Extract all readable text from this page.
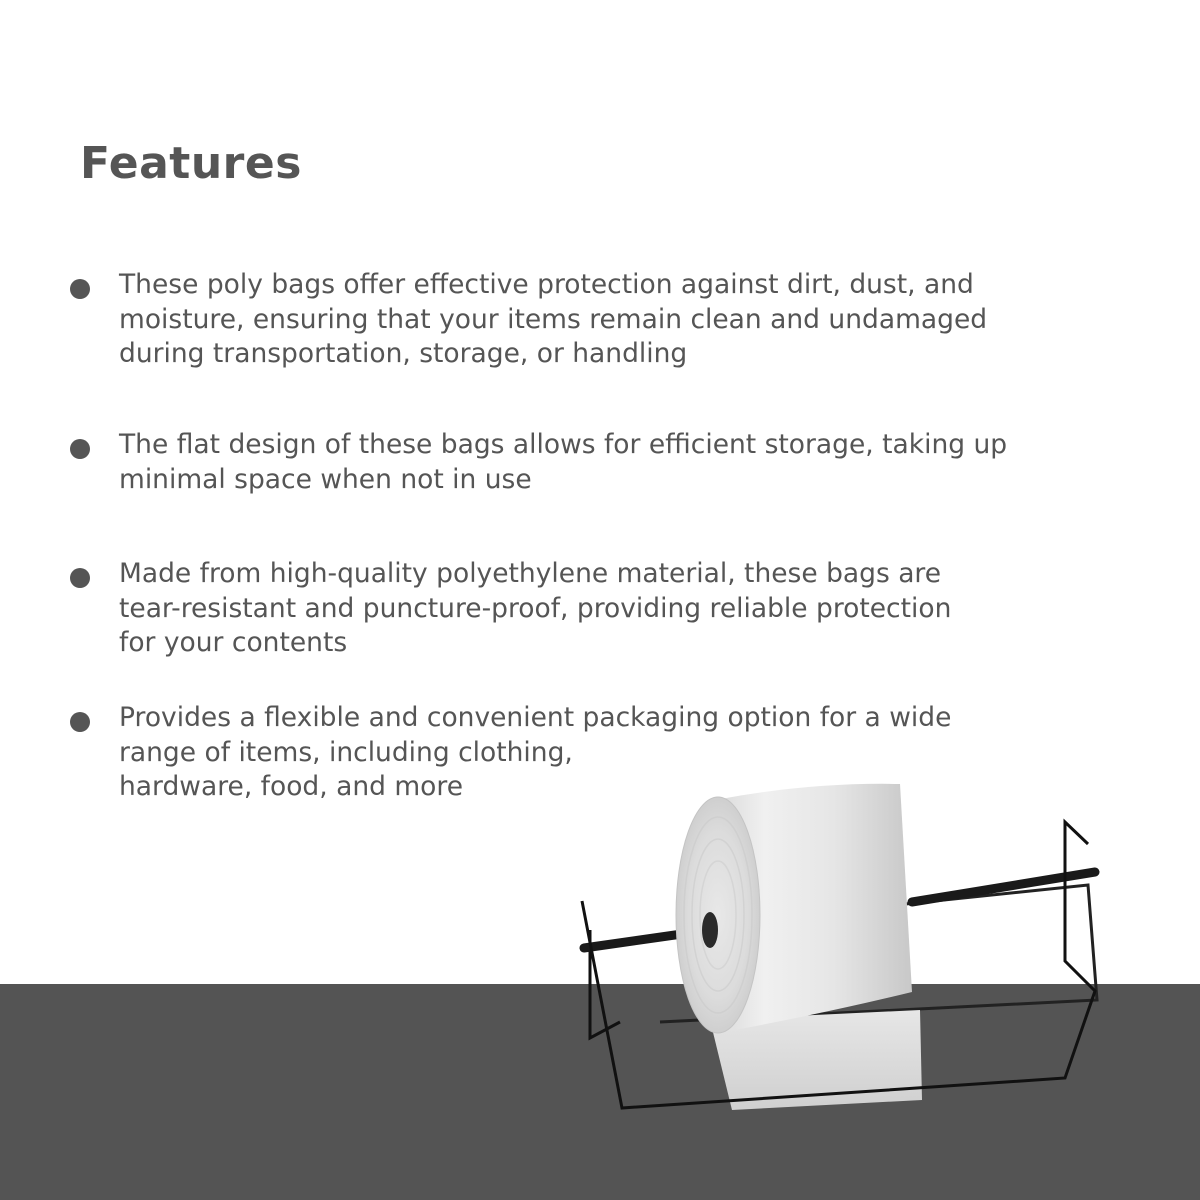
Features

These poly bags offer effective protection against dirt, dust, and
moisture, ensuring that your items remain clean and undamaged
during transportation, storage, or handling

The flat design of these bags allows for efficient storage, taking up
minimal space when not in use

Made from high-quality polyethylene material, these bags are
tear-resistant and puncture-proof, providing reliable protection
for your contents

Provides a flexible and convenient packaging option for a wide
range of items, including clothing,
hardware, food, and more
